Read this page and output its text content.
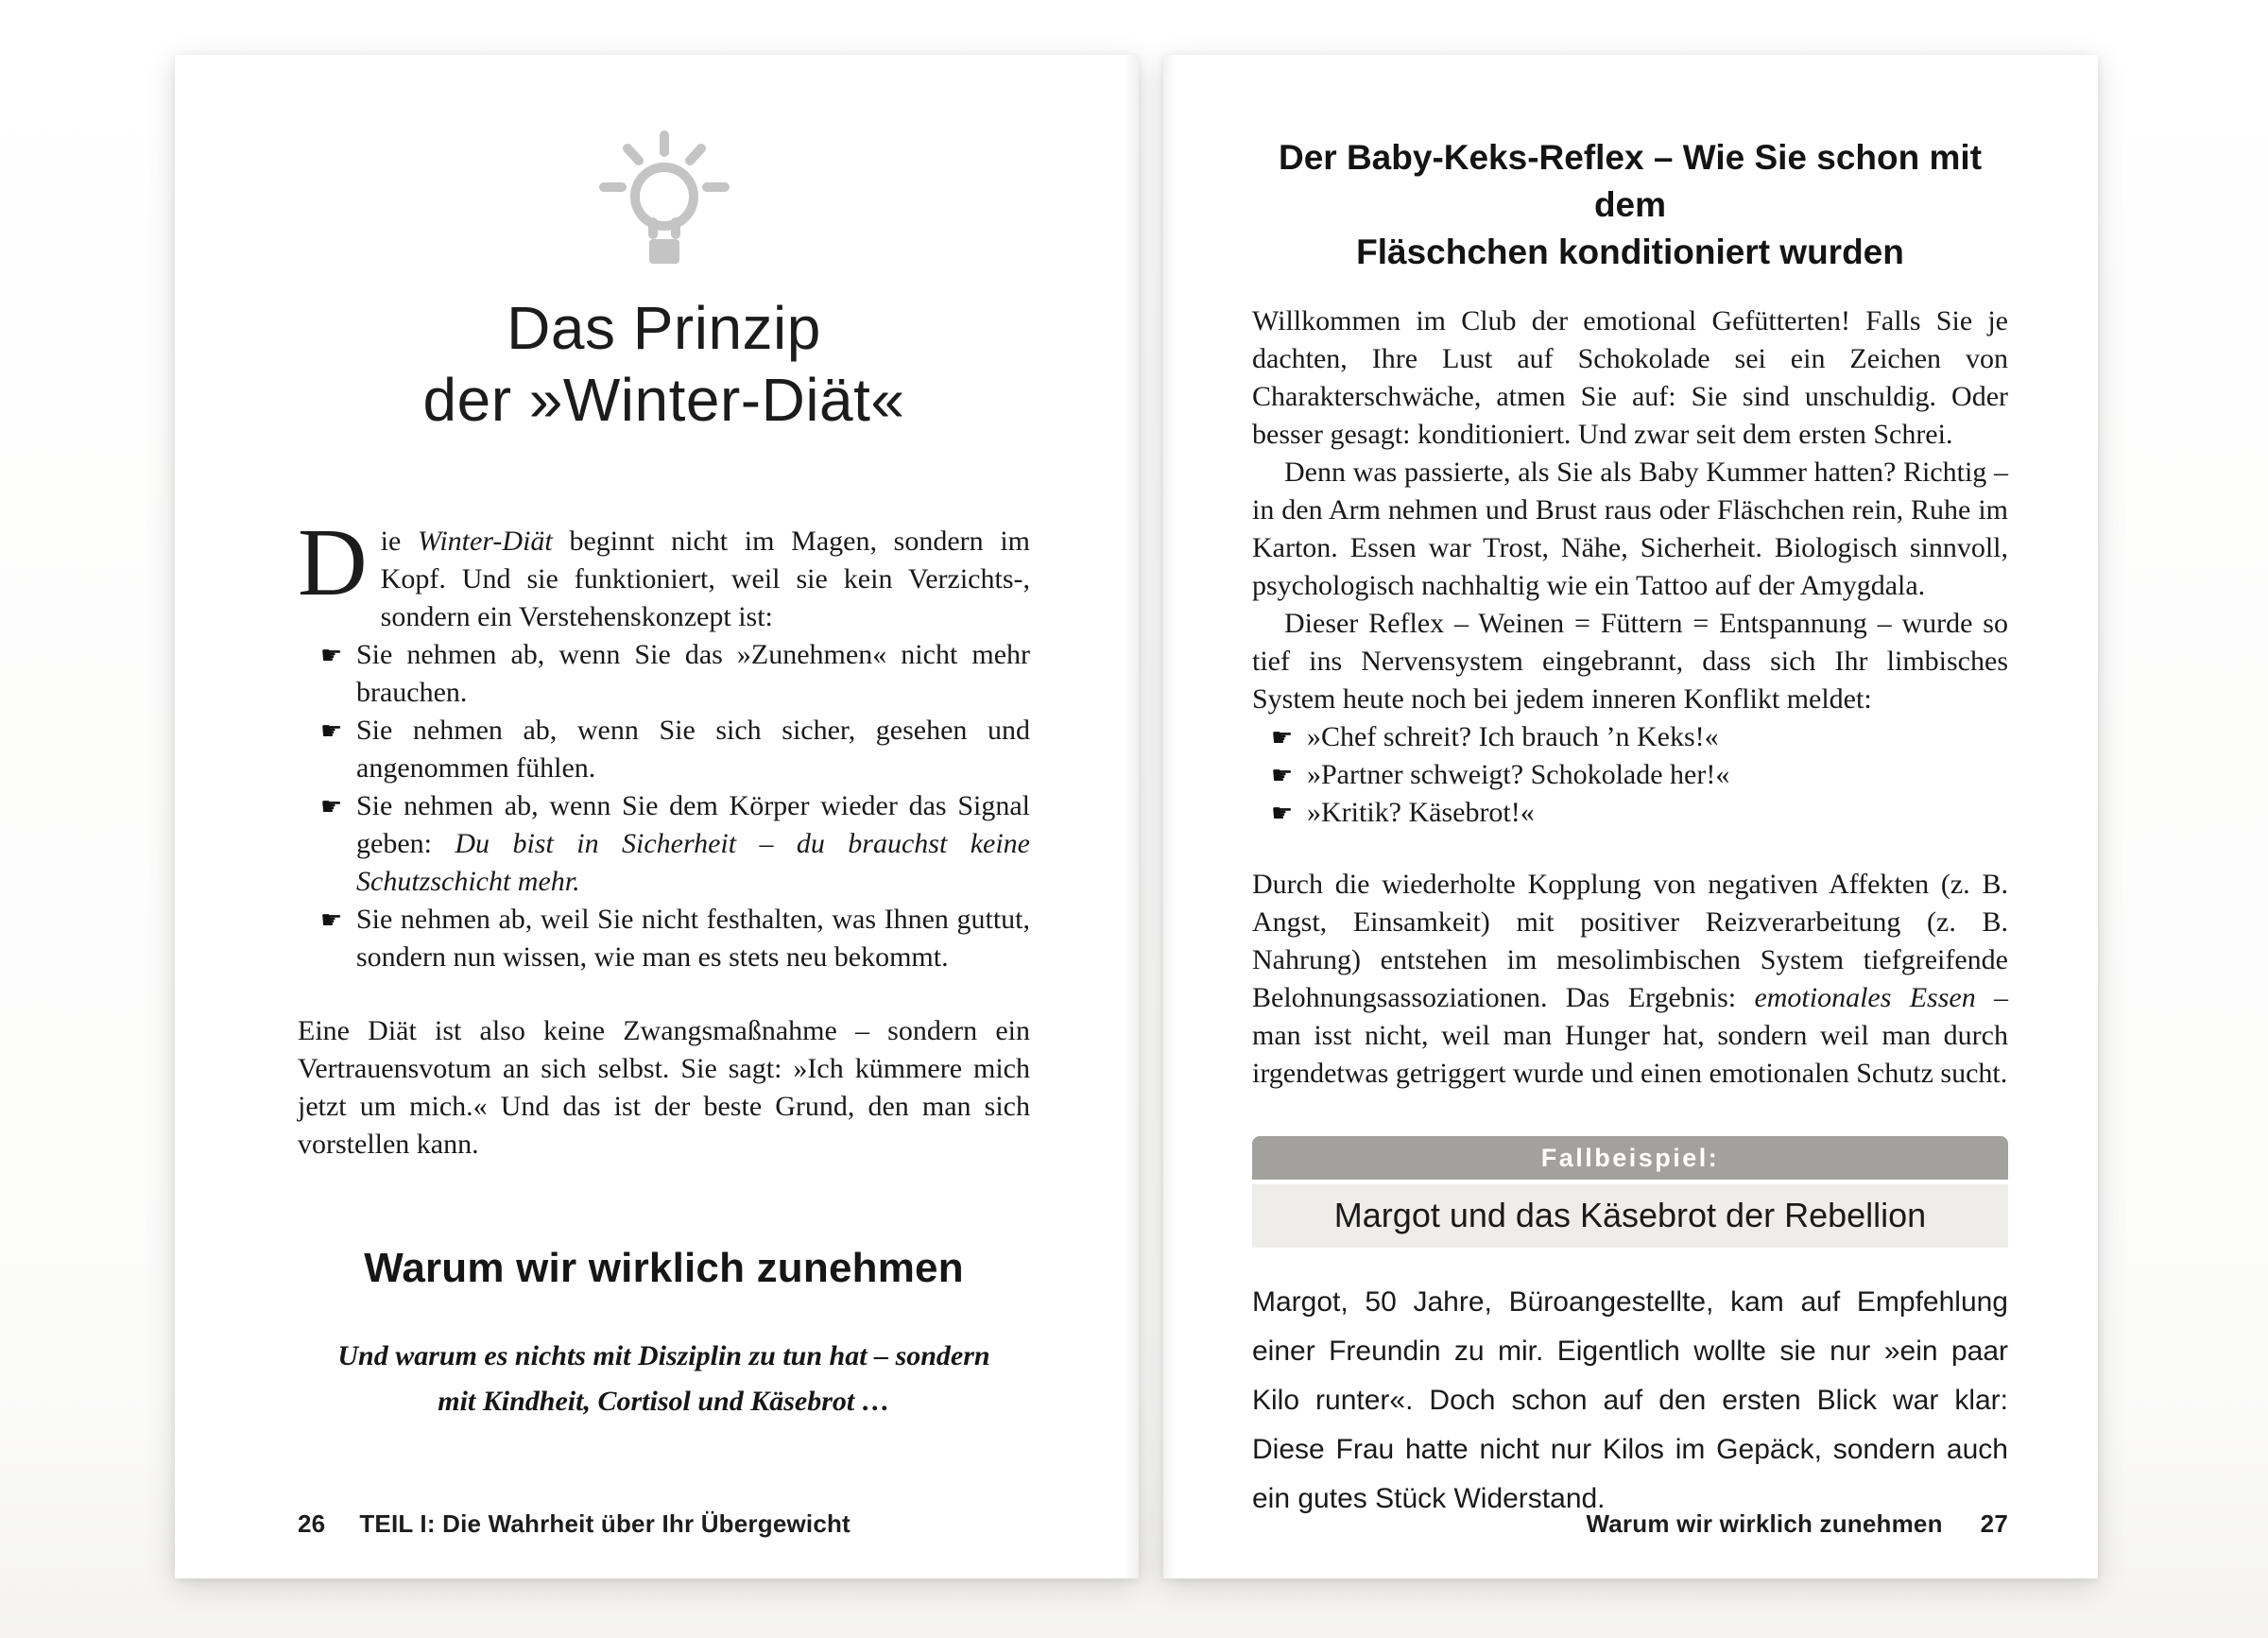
Das Prinzip
der »Winter-Diät«

Die Winter-Diät beginnt nicht im Magen, sondern im Kopf. Und sie funktioniert, weil sie kein Verzichts-, sondern ein Verstehenskonzept ist:

☛ Sie nehmen ab, wenn Sie das »Zunehmen« nicht mehr brauchen.
☛ Sie nehmen ab, wenn Sie sich sicher, gesehen und angenommen fühlen.
☛ Sie nehmen ab, wenn Sie dem Körper wieder das Signal geben: Du bist in Sicherheit – du brauchst keine Schutzschicht mehr.
☛ Sie nehmen ab, weil Sie nicht festhalten, was Ihnen guttut, sondern nun wissen, wie man es stets neu bekommt.

Eine Diät ist also keine Zwangsmaßnahme – sondern ein Vertrauensvotum an sich selbst. Sie sagt: »Ich kümmere mich jetzt um mich.« Und das ist der beste Grund, den man sich vorstellen kann.

Warum wir wirklich zunehmen

Und warum es nichts mit Disziplin zu tun hat – sondern
mit Kindheit, Cortisol und Käsebrot …

26 TEIL I: Die Wahrheit über Ihr Übergewicht
Der Baby-Keks-Reflex – Wie Sie schon mit dem
Fläschchen konditioniert wurden

Willkommen im Club der emotional Gefütterten! Falls Sie je dachten, Ihre Lust auf Schokolade sei ein Zeichen von Charakterschwäche, atmen Sie auf: Sie sind unschuldig. Oder besser gesagt: konditioniert. Und zwar seit dem ersten Schrei.

Denn was passierte, als Sie als Baby Kummer hatten? Richtig – in den Arm nehmen und Brust raus oder Fläschchen rein, Ruhe im Karton. Essen war Trost, Nähe, Sicherheit. Biologisch sinnvoll, psychologisch nachhaltig wie ein Tattoo auf der Amygdala.

Dieser Reflex – Weinen = Füttern = Entspannung – wurde so tief ins Nervensystem eingebrannt, dass sich Ihr limbisches System heute noch bei jedem inneren Konflikt meldet:

☛ »Chef schreit? Ich brauch ’n Keks!«
☛ »Partner schweigt? Schokolade her!«
☛ »Kritik? Käsebrot!«

Durch die wiederholte Kopplung von negativen Affekten (z. B. Angst, Einsamkeit) mit positiver Reizverarbeitung (z. B. Nahrung) entstehen im mesolimbischen System tiefgreifende Belohnungsassoziationen. Das Ergebnis: emotionales Essen – man isst nicht, weil man Hunger hat, sondern weil man durch irgendetwas getriggert wurde und einen emotionalen Schutz sucht.

Fallbeispiel:
Margot und das Käsebrot der Rebellion

Margot, 50 Jahre, Büroangestellte, kam auf Empfehlung einer Freundin zu mir. Eigentlich wollte sie nur »ein paar Kilo runter«. Doch schon auf den ersten Blick war klar: Diese Frau hatte nicht nur Kilos im Gepäck, sondern auch ein gutes Stück Widerstand.

Warum wir wirklich zunehmen 27
